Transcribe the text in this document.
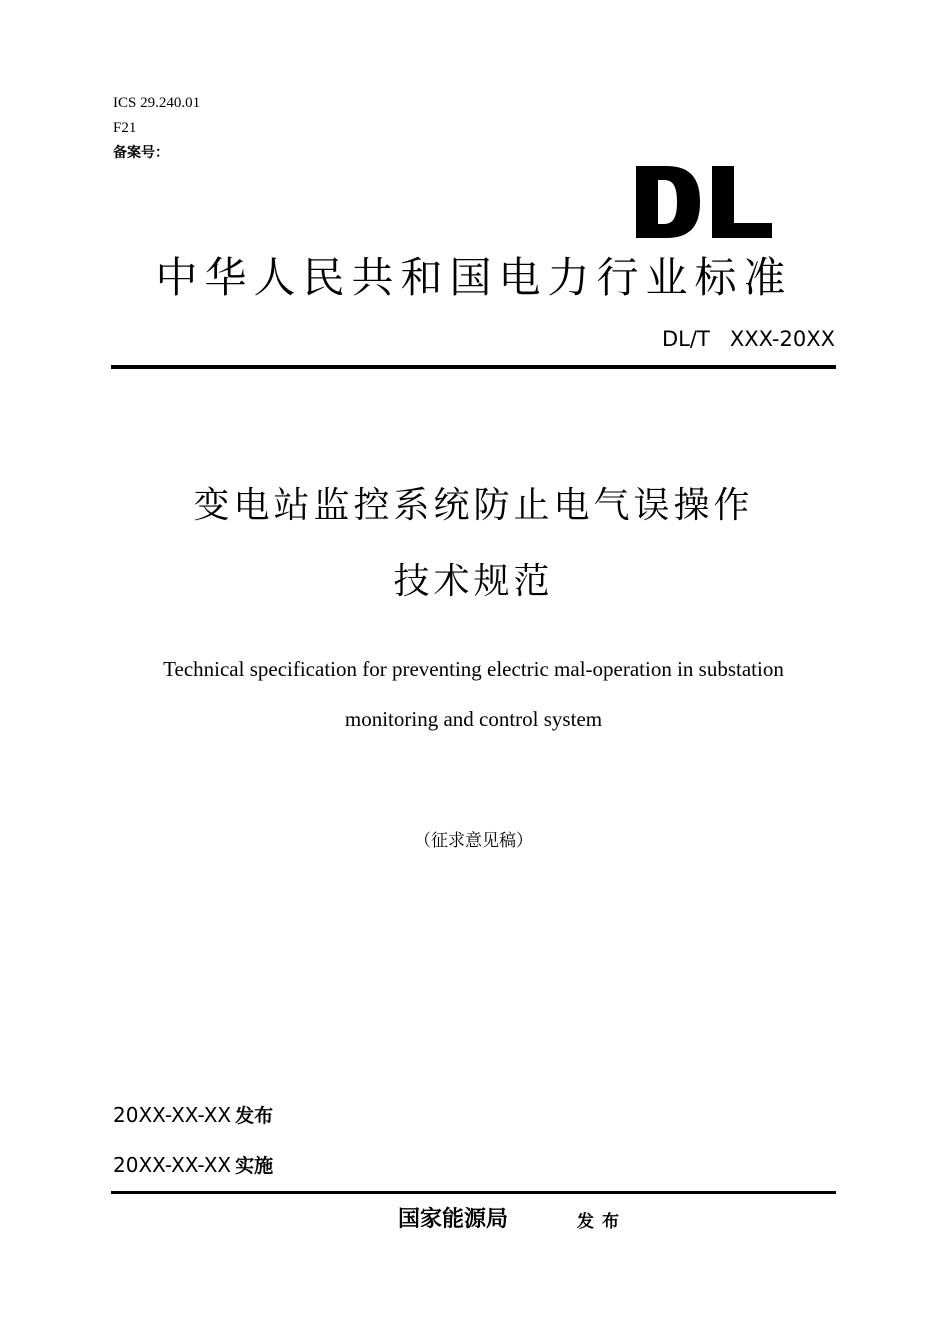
ICS 29.240.01
F21
备案号：
中华人民共和国电力行业标准
DL/T   XXX-20XX
变电站监控系统防止电气误操作
技术规范
Technical specification for preventing electric mal-operation in substation
monitoring and control system
（征求意见稿）
20XX-XX-XX 发布
20XX-XX-XX 实施
国家能源局	发布
